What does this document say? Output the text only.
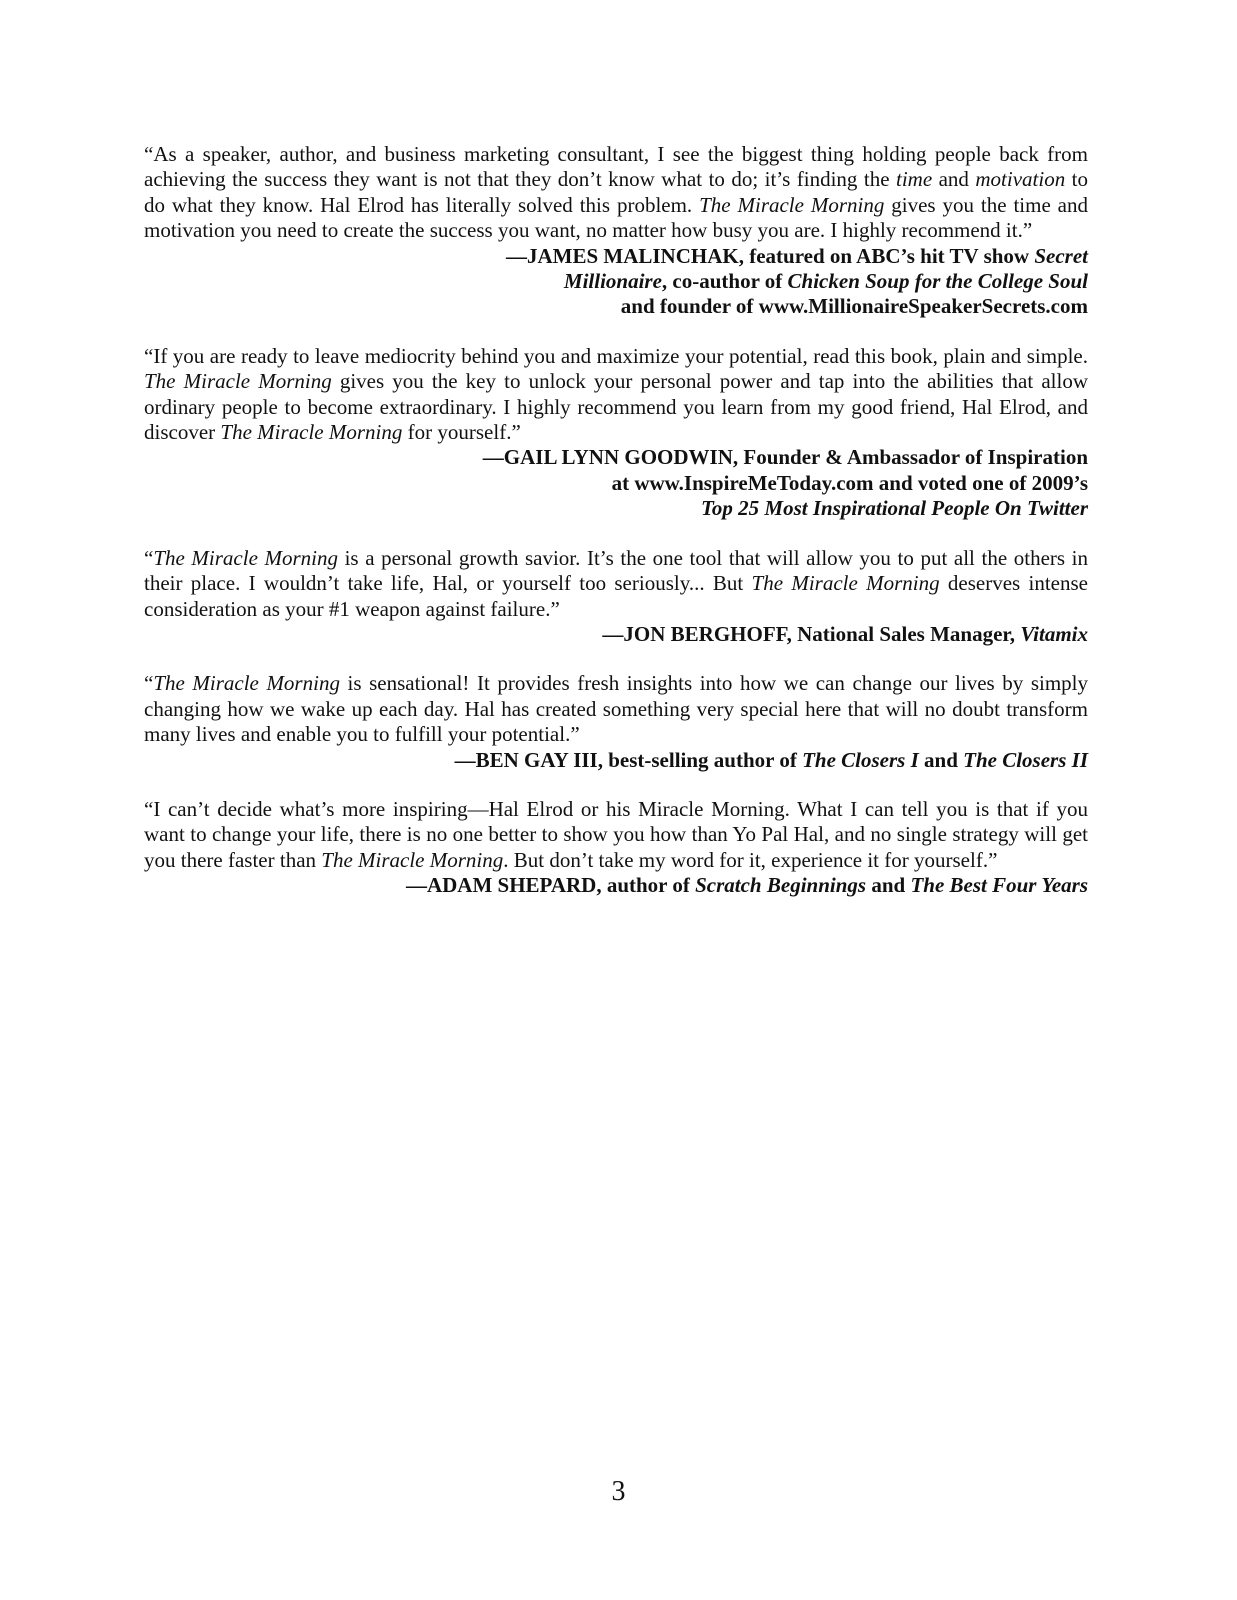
“As a speaker, author, and business marketing consultant, I see the biggest thing holding people back from achieving the success they want is not that they don’t know what to do; it’s finding the time and motivation to do what they know. Hal Elrod has literally solved this problem. The Miracle Morning gives you the time and motivation you need to create the success you want, no matter how busy you are. I highly recommend it.”

—JAMES MALINCHAK, featured on ABC’s hit TV show Secret
Millionaire, co-author of Chicken Soup for the College Soul
and founder of www.MillionaireSpeakerSecrets.com

“If you are ready to leave mediocrity behind you and maximize your potential, read this book, plain and simple. The Miracle Morning gives you the key to unlock your personal power and tap into the abilities that allow ordinary people to become extraordinary. I highly recommend you learn from my good friend, Hal Elrod, and discover The Miracle Morning for yourself.”

—GAIL LYNN GOODWIN, Founder & Ambassador of Inspiration
at www.InspireMeToday.com and voted one of 2009’s
Top 25 Most Inspirational People On Twitter

“The Miracle Morning is a personal growth savior. It’s the one tool that will allow you to put all the others in their place. I wouldn’t take life, Hal, or yourself too seriously... But The Miracle Morning deserves intense consideration as your #1 weapon against failure.”

—JON BERGHOFF, National Sales Manager, Vitamix

“The Miracle Morning is sensational! It provides fresh insights into how we can change our lives by simply changing how we wake up each day. Hal has created something very special here that will no doubt transform many lives and enable you to fulfill your potential.”

—BEN GAY III, best-selling author of The Closers I and The Closers II

“I can’t decide what’s more inspiring—Hal Elrod or his Miracle Morning. What I can tell you is that if you want to change your life, there is no one better to show you how than Yo Pal Hal, and no single strategy will get you there faster than The Miracle Morning. But don’t take my word for it, experience it for yourself.”

—ADAM SHEPARD, author of Scratch Beginnings and The Best Four Years

3
